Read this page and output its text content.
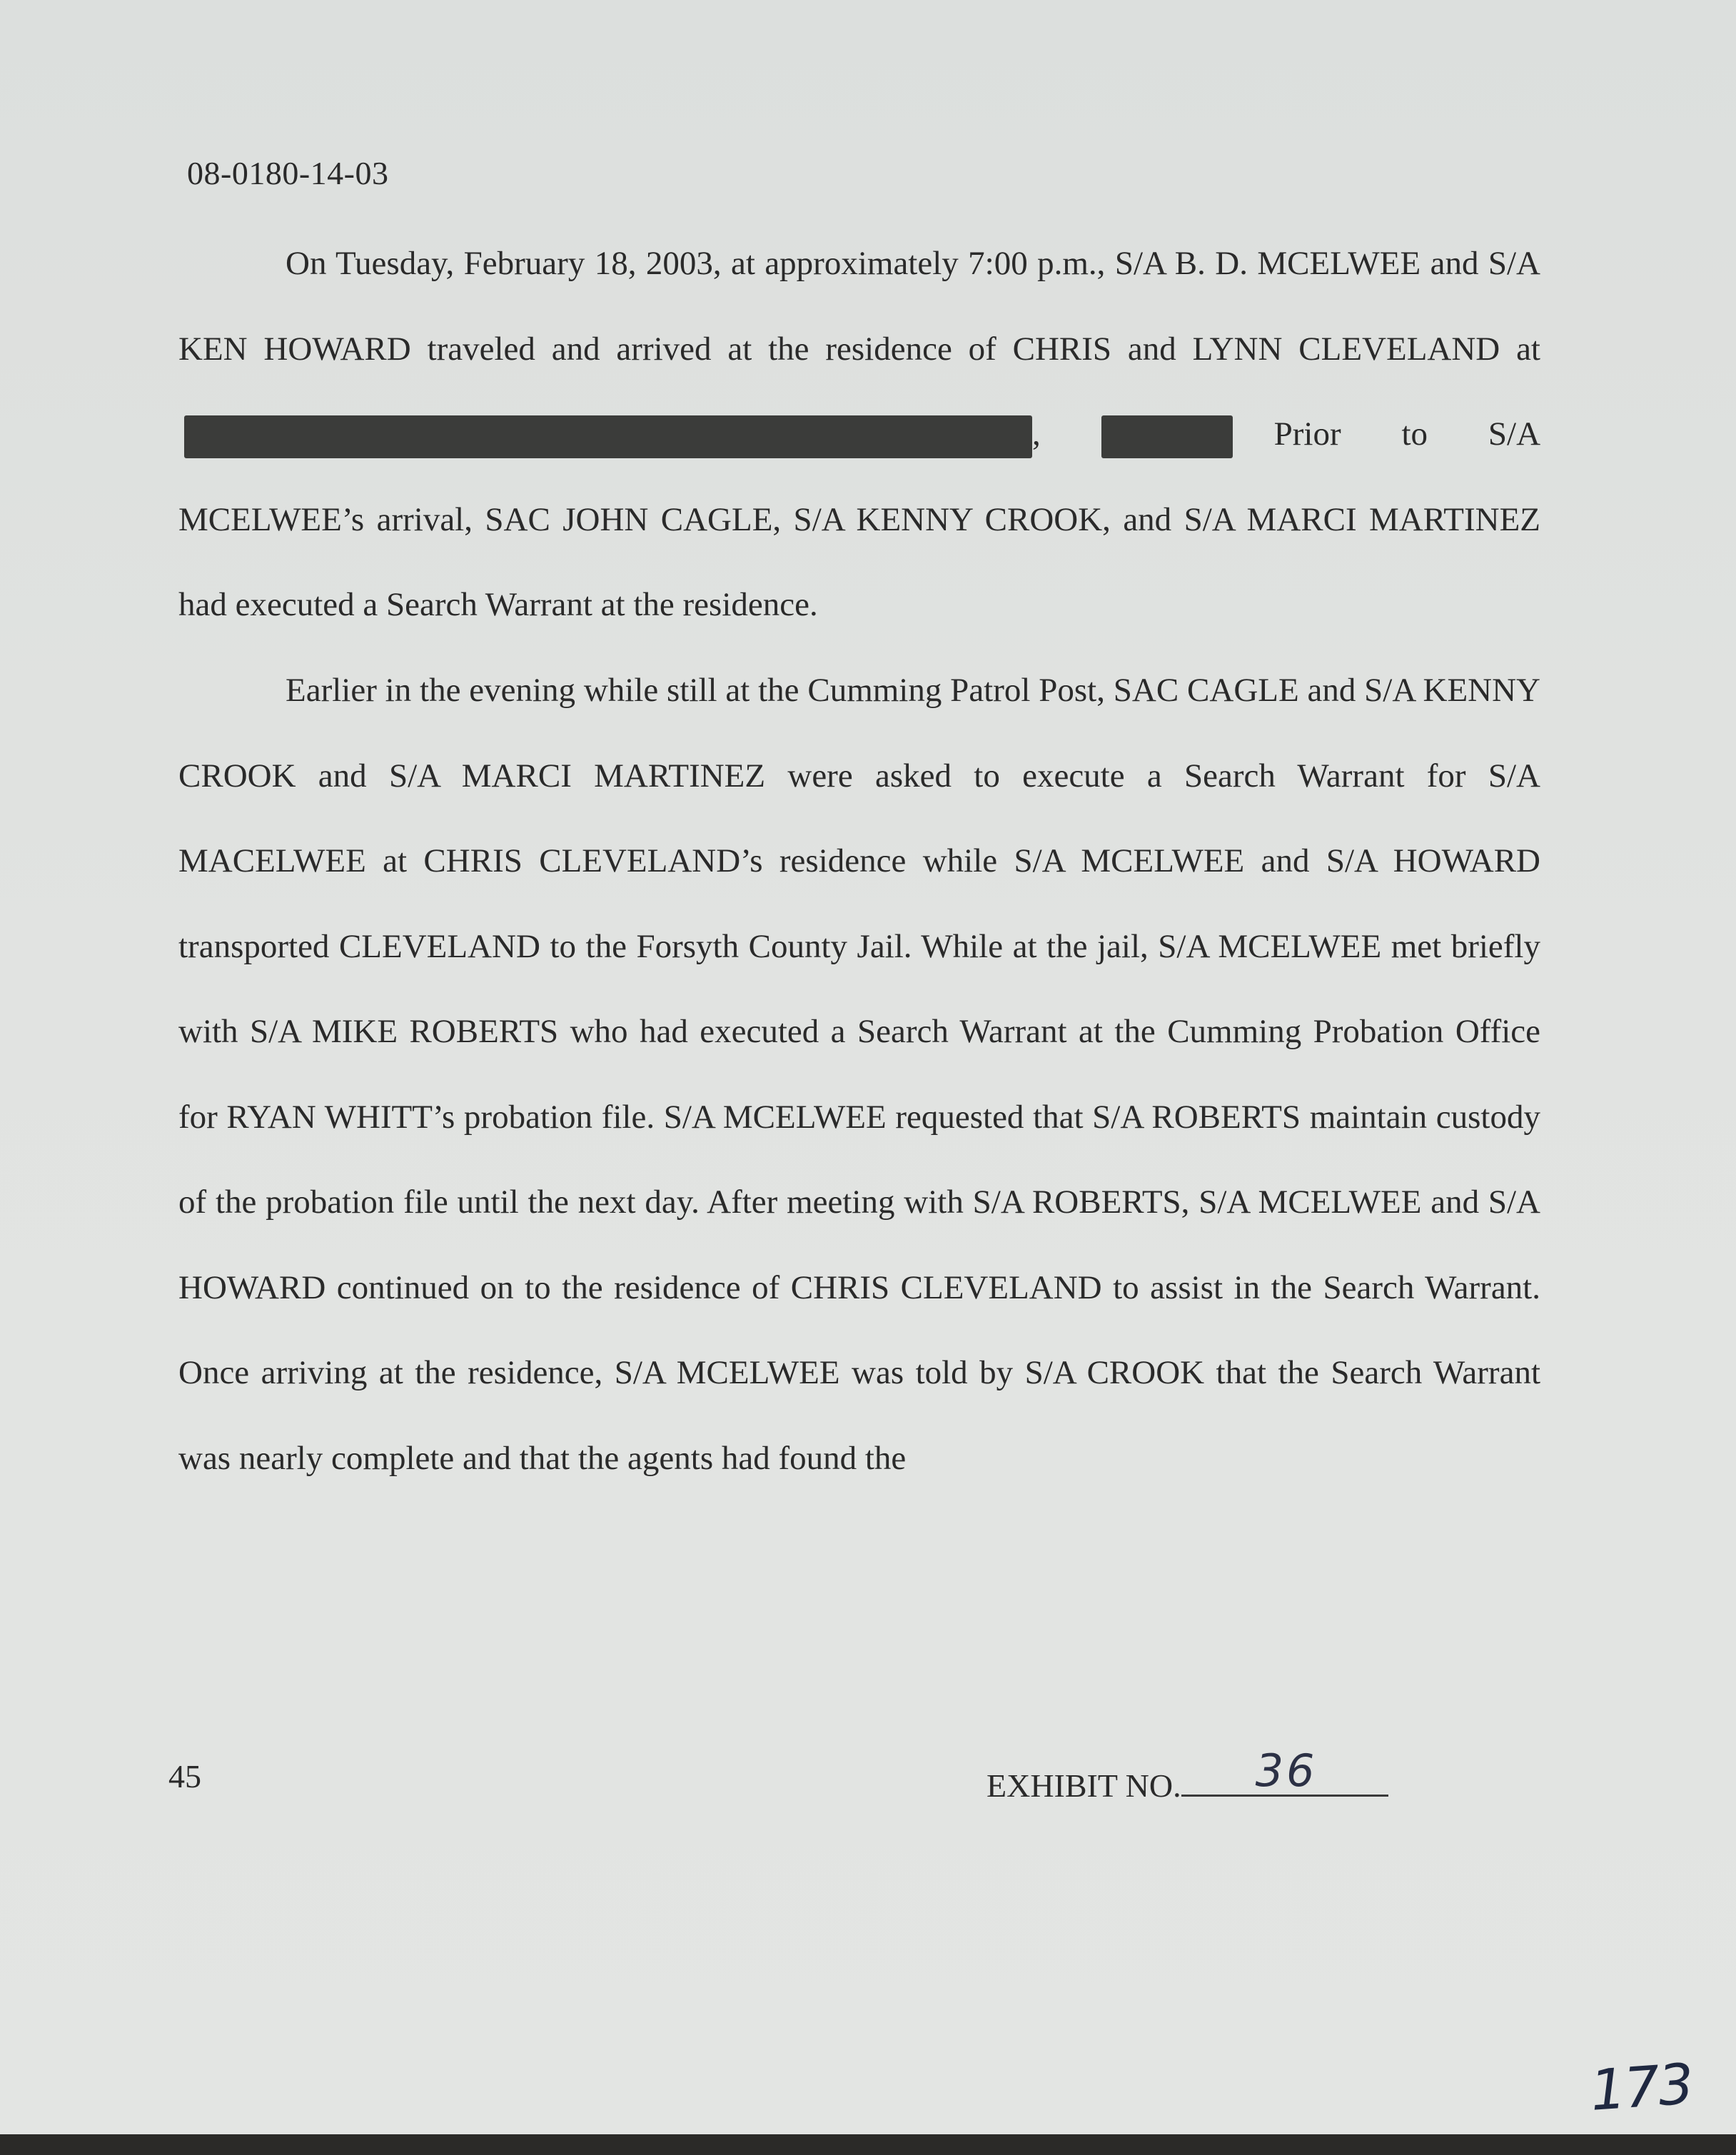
08-0180-14-03

On Tuesday, February 18, 2003, at approximately 7:00 p.m., S/A B. D. MCELWEE and S/A KEN HOWARD traveled and arrived at the residence of CHRIS and LYNN CLEVELAND at ,	Prior to S/A MCELWEE’s arrival, SAC JOHN CAGLE, S/A KENNY CROOK, and S/A MARCI MARTINEZ had executed a Search Warrant at the residence.

Earlier in the evening while still at the Cumming Patrol Post, SAC CAGLE and S/A KENNY CROOK and S/A MARCI MARTINEZ were asked to execute a Search Warrant for S/A MACELWEE at CHRIS CLEVELAND’s residence while S/A MCELWEE and S/A HOWARD transported CLEVELAND to the Forsyth County Jail. While at the jail, S/A MCELWEE met briefly with S/A MIKE ROBERTS who had executed a Search Warrant at the Cumming Probation Office for RYAN WHITT’s probation file. S/A MCELWEE requested that S/A ROBERTS maintain custody of the probation file until the next day. After meeting with S/A ROBERTS, S/A MCELWEE and S/A HOWARD continued on to the residence of CHRIS CLEVELAND to assist in the Search Warrant. Once arriving at the residence, S/A MCELWEE was told by S/A CROOK that the Search Warrant was nearly complete and that the agents had found the

45	EXHIBIT NO. 36
173
